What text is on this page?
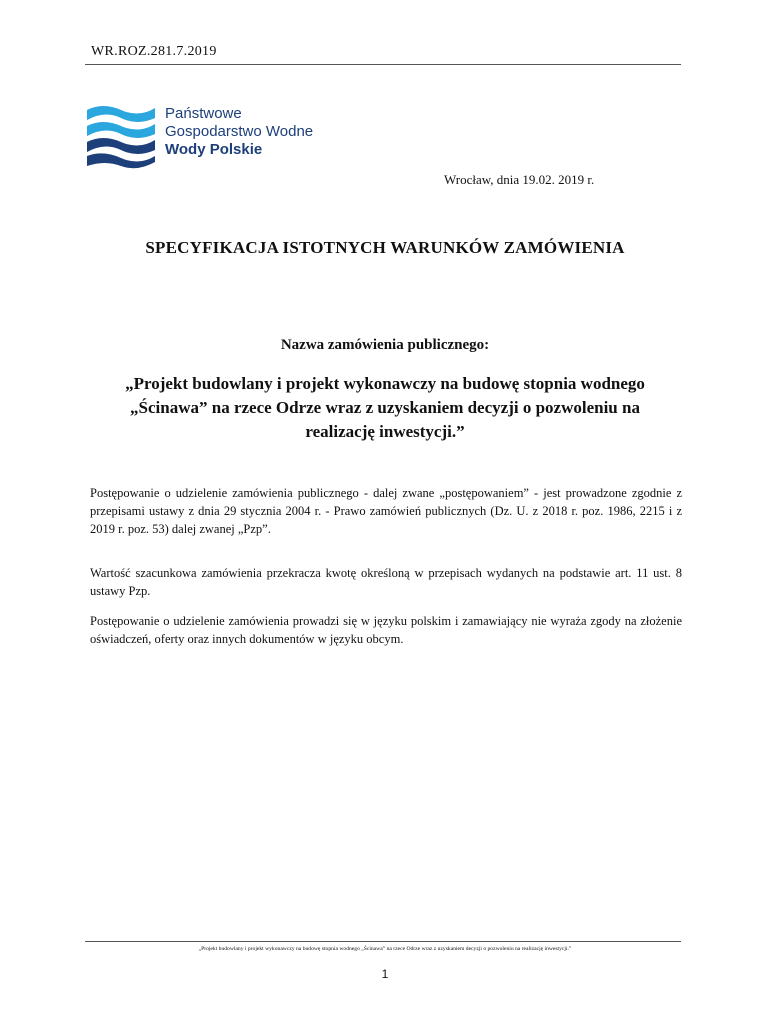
WR.ROZ.281.7.2019
Państwowe
Gospodarstwo Wodne
Wody Polskie
Wrocław, dnia 19.02. 2019 r.
SPECYFIKACJA ISTOTNYCH WARUNKÓW ZAMÓWIENIA
Nazwa zamówienia publicznego:
„Projekt budowlany i projekt wykonawczy na budowę stopnia wodnego „Ścinawa” na rzece Odrze wraz z uzyskaniem decyzji o pozwoleniu na realizację inwestycji.”
Postępowanie o udzielenie zamówienia publicznego - dalej zwane „postępowaniem” - jest prowadzone zgodnie z przepisami ustawy z dnia 29 stycznia 2004 r. - Prawo zamówień publicznych (Dz. U. z 2018 r. poz. 1986, 2215 i z 2019 r. poz. 53) dalej zwanej „Pzp”.
Wartość szacunkowa zamówienia przekracza kwotę określoną w przepisach wydanych na podstawie art. 11 ust. 8 ustawy Pzp.
Postępowanie o udzielenie zamówienia prowadzi się w języku polskim i zamawiający nie wyraża zgody na złożenie oświadczeń, oferty oraz innych dokumentów w języku obcym.
„Projekt budowlany i projekt wykonawczy na budowę stopnia wodnego „Ścinawa” na rzece Odrze wraz z uzyskaniem decyzji o pozwoleniu na realizację inwestycji.”
1
